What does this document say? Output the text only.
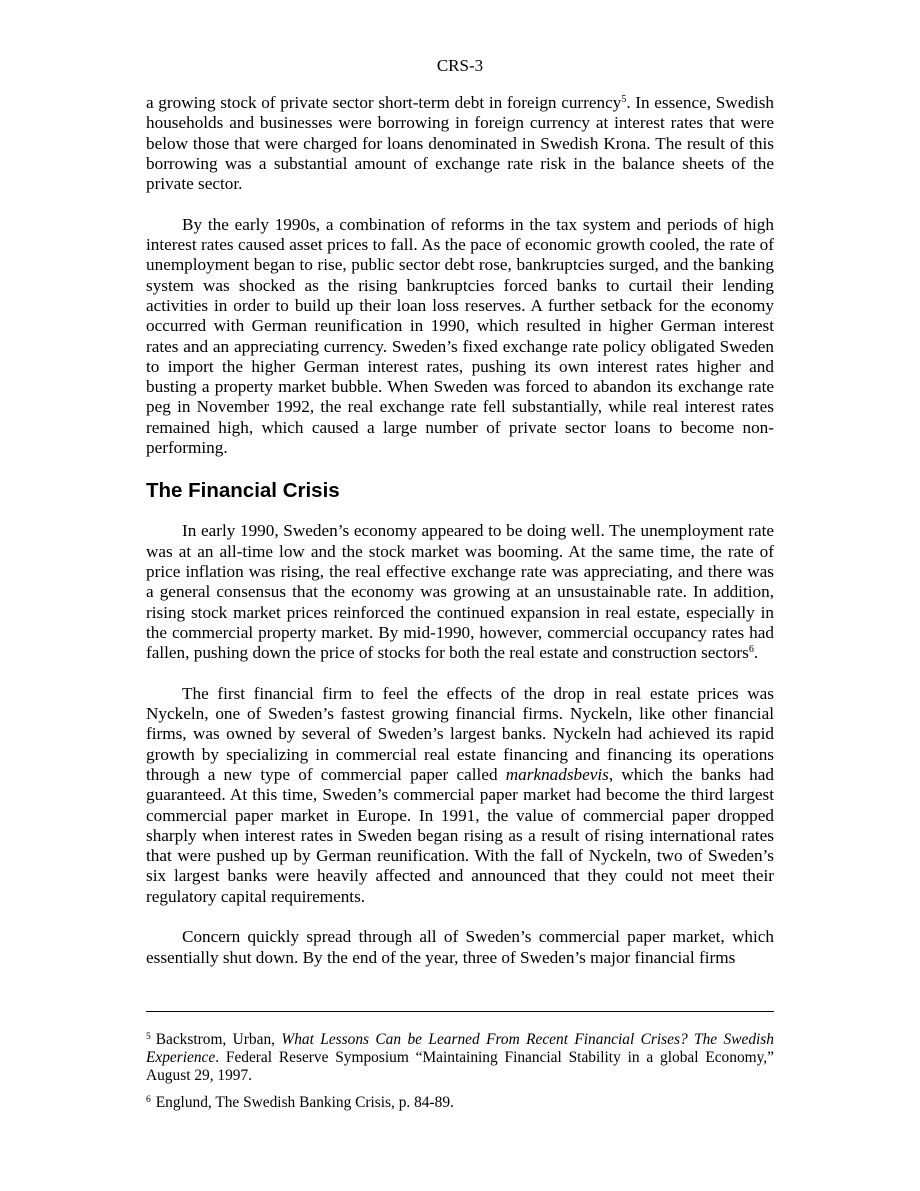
CRS-3

a growing stock of private sector short-term debt in foreign currency$^5$. In essence, Swedish households and businesses were borrowing in foreign currency at interest rates that were below those that were charged for loans denominated in Swedish Krona. The result of this borrowing was a substantial amount of exchange rate risk in the balance sheets of the private sector.

By the early 1990s, a combination of reforms in the tax system and periods of high interest rates caused asset prices to fall. As the pace of economic growth cooled, the rate of unemployment began to rise, public sector debt rose, bankruptcies surged, and the banking system was shocked as the rising bankruptcies forced banks to curtail their lending activities in order to build up their loan loss reserves. A further setback for the economy occurred with German reunification in 1990, which resulted in higher German interest rates and an appreciating currency. Sweden’s fixed exchange rate policy obligated Sweden to import the higher German interest rates, pushing its own interest rates higher and busting a property market bubble. When Sweden was forced to abandon its exchange rate peg in November 1992, the real exchange rate fell substantially, while real interest rates remained high, which caused a large number of private sector loans to become non-performing.

The Financial Crisis

In early 1990, Sweden’s economy appeared to be doing well. The unemployment rate was at an all-time low and the stock market was booming. At the same time, the rate of price inflation was rising, the real effective exchange rate was appreciating, and there was a general consensus that the economy was growing at an unsustainable rate. In addition, rising stock market prices reinforced the continued expansion in real estate, especially in the commercial property market. By mid-1990, however, commercial occupancy rates had fallen, pushing down the price of stocks for both the real estate and construction sectors$^6$.

The first financial firm to feel the effects of the drop in real estate prices was Nyckeln, one of Sweden’s fastest growing financial firms. Nyckeln, like other financial firms, was owned by several of Sweden’s largest banks. Nyckeln had achieved its rapid growth by specializing in commercial real estate financing and financing its operations through a new type of commercial paper called marknadsbevis, which the banks had guaranteed. At this time, Sweden’s commercial paper market had become the third largest commercial paper market in Europe. In 1991, the value of commercial paper dropped sharply when interest rates in Sweden began rising as a result of rising international rates that were pushed up by German reunification. With the fall of Nyckeln, two of Sweden’s six largest banks were heavily affected and announced that they could not meet their regulatory capital requirements.

Concern quickly spread through all of Sweden’s commercial paper market, which essentially shut down. By the end of the year, three of Sweden’s major financial firms

$^5$ Backstrom, Urban, What Lessons Can be Learned From Recent Financial Crises? The Swedish Experience. Federal Reserve Symposium “Maintaining Financial Stability in a global Economy,” August 29, 1997.

$^6$ Englund, The Swedish Banking Crisis, p. 84-89.
